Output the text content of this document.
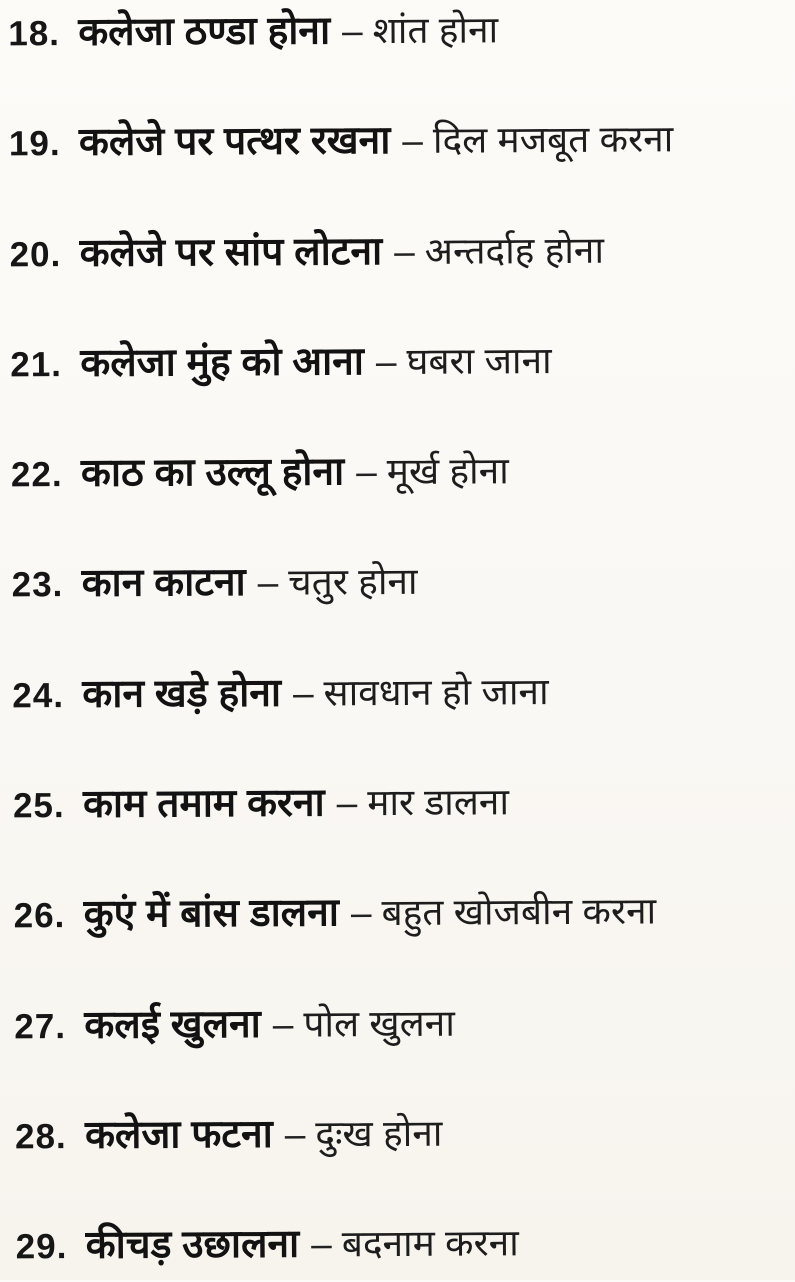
18. कलेजा ठण्डा होना – शांत होना
19. कलेजे पर पत्थर रखना – दिल मजबूत करना
20. कलेजे पर सांप लोटना – अन्तर्दाह होना
21. कलेजा मुंह को आना – घबरा जाना
22. काठ का उल्लू होना – मूर्ख होना
23. कान काटना – चतुर होना
24. कान खड़े होना – सावधान हो जाना
25. काम तमाम करना – मार डालना
26. कुएं में बांस डालना – बहुत खोजबीन करना
27. कलई खुलना – पोल खुलना
28. कलेजा फटना – दुःख होना
29. कीचड़ उछालना – बदनाम करना
